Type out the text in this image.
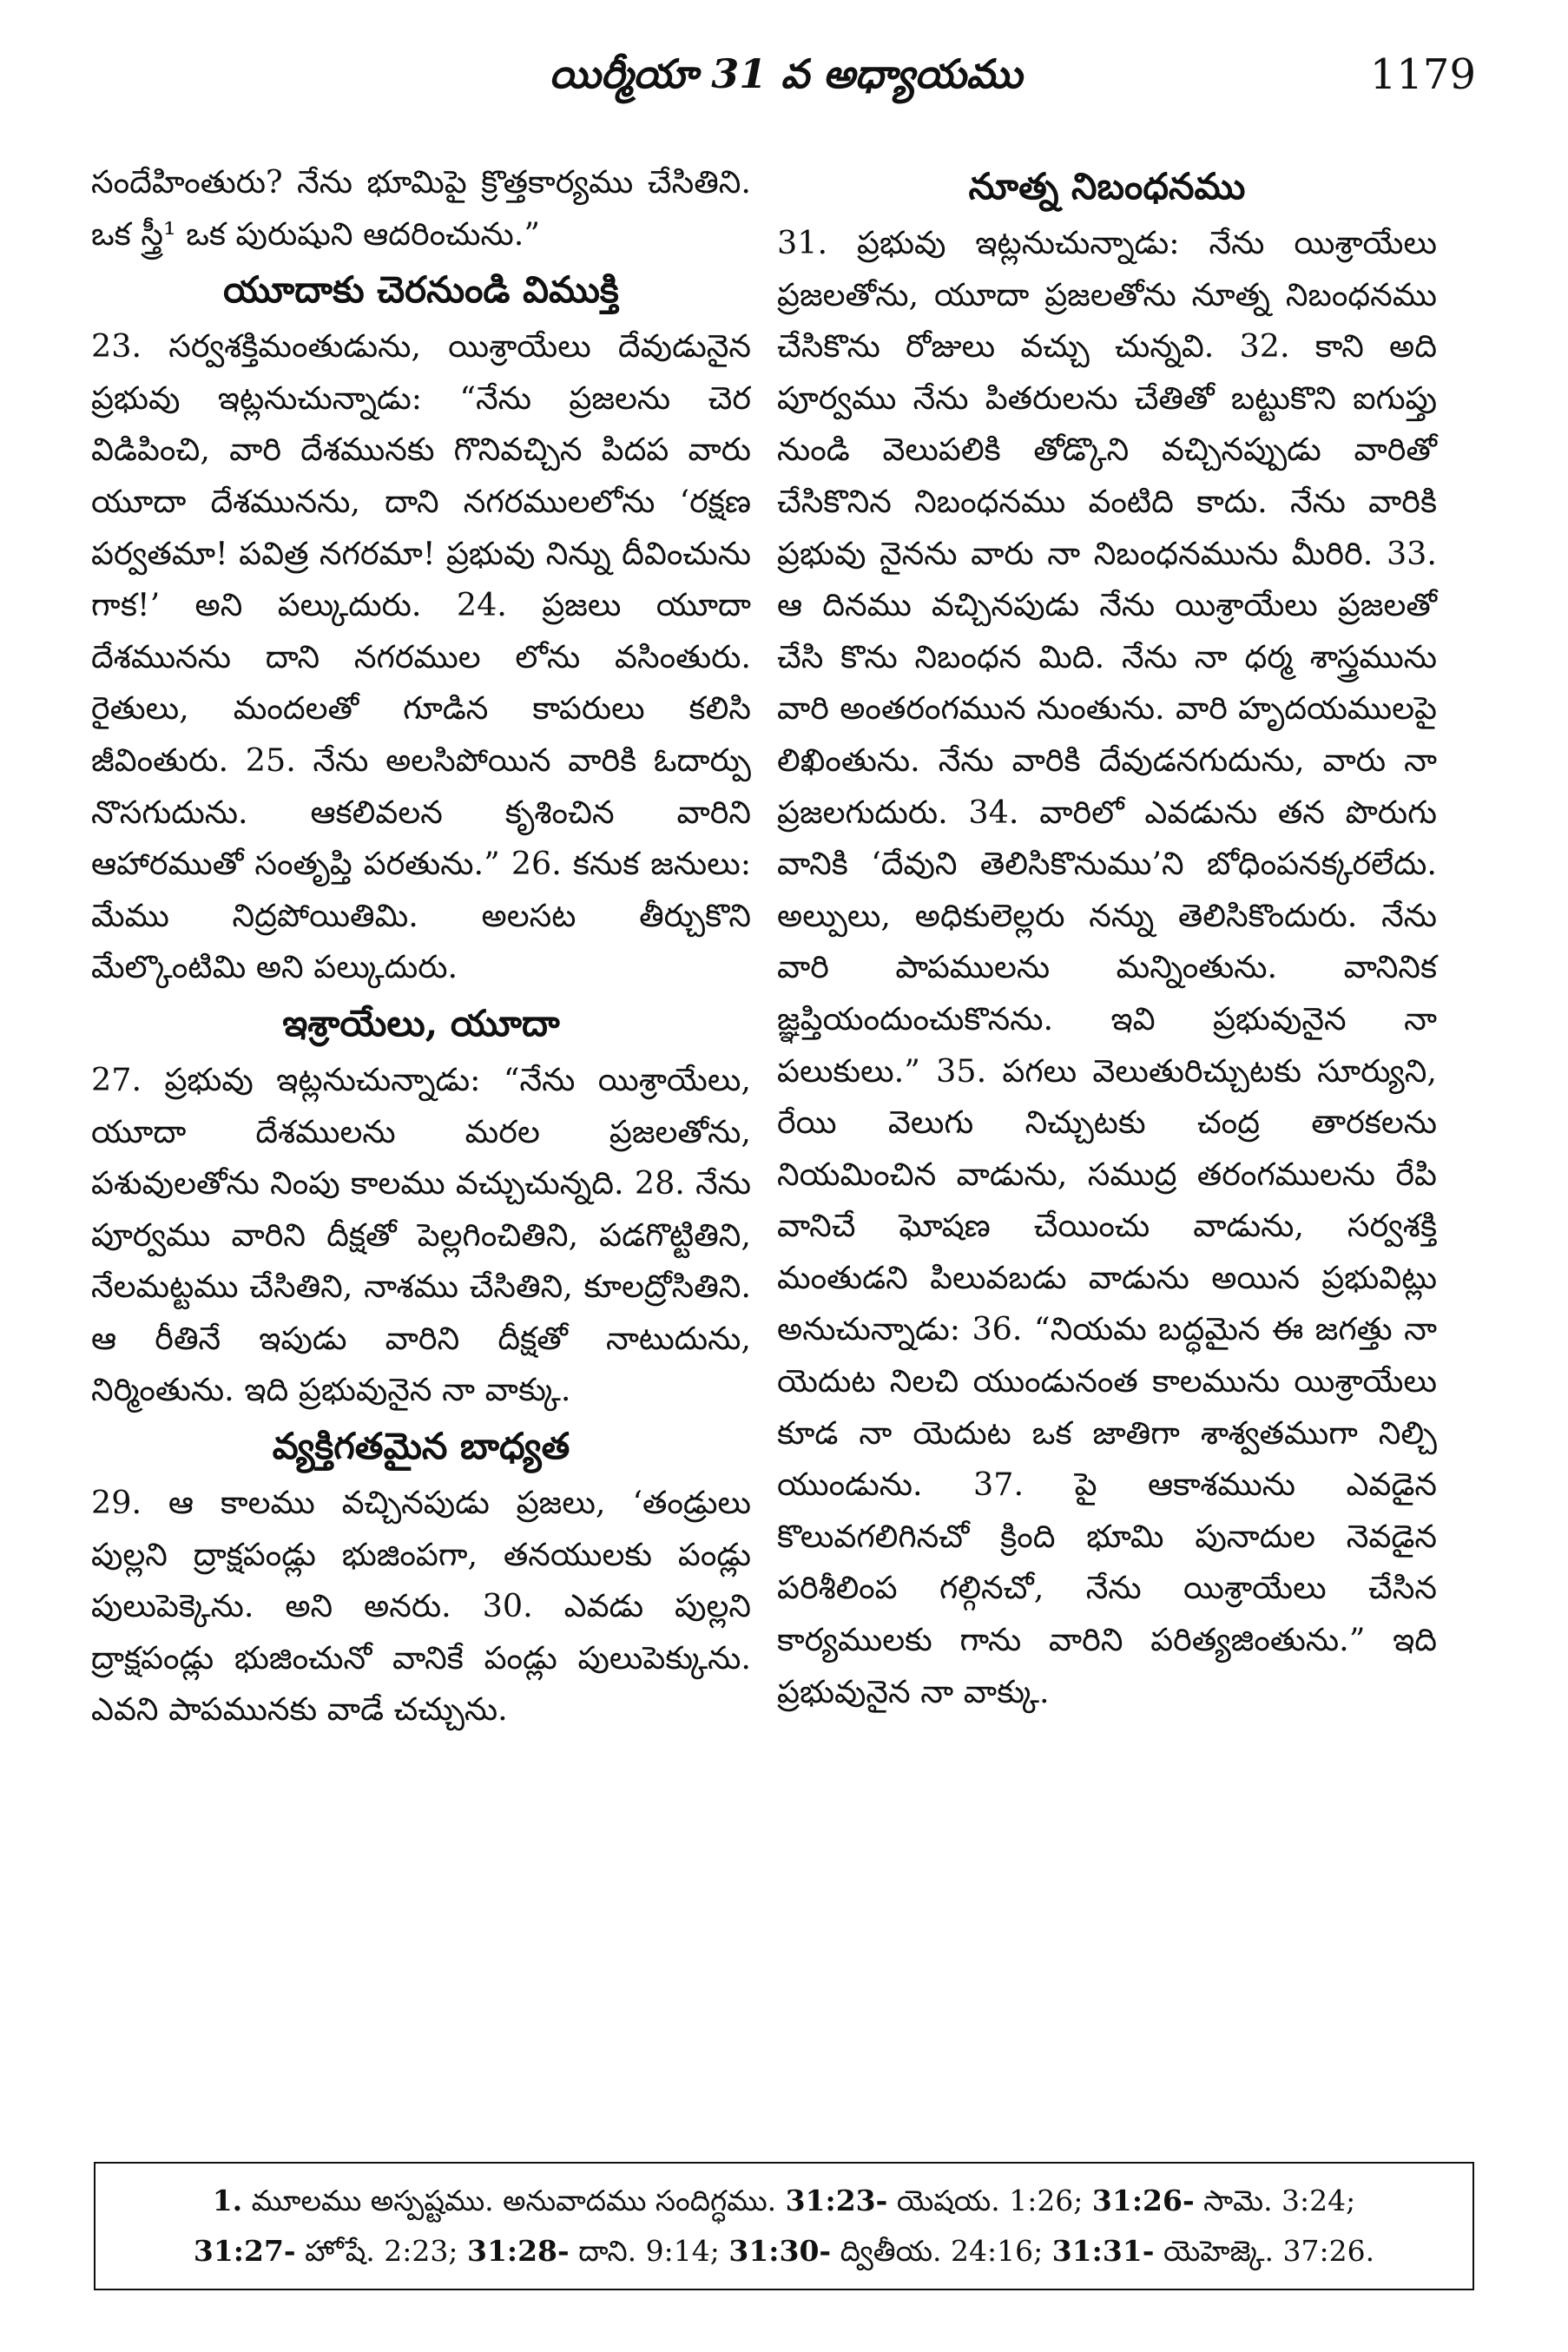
యిర్మీయా 31 వ అధ్యాయము	1179

సందేహింతురు? నేను భూమిపై క్రొత్తకార్యము చేసితిని. ఒక స్త్రీ¹ ఒక పురుషుని ఆదరించును.”

యూదాకు చెరనుండి విముక్తి

23. సర్వశక్తిమంతుడును, యిశ్రాయేలు దేవుడునైన ప్రభువు ఇట్లనుచున్నాడు: “నేను ప్రజలను చెర విడిపించి, వారి దేశమునకు గొనివచ్చిన పిదప వారు యూదా దేశమునను, దాని నగరములలోను ‘రక్షణ పర్వతమా! పవిత్ర నగరమా! ప్రభువు నిన్ను దీవించును గాక!’ అని పల్కుదురు. 24. ప్రజలు యూదా దేశమునను దాని నగరముల లోను వసింతురు. రైతులు, మందలతో గూడిన కాపరులు కలిసి జీవింతురు. 25. నేను అలసిపోయిన వారికి ఓదార్పు నొసగుదును. ఆకలివలన కృశించిన వారిని ఆహారముతో సంతృప్తి పరతును.” 26. కనుక జనులు: మేము నిద్రపోయితిమి. అలసట తీర్చుకొని మేల్కొంటిమి అని పల్కుదురు.

ఇశ్రాయేలు, యూదా

27. ప్రభువు ఇట్లనుచున్నాడు: “నేను యిశ్రాయేలు, యూదా దేశములను మరల ప్రజలతోను, పశువులతోను నింపు కాలము వచ్చుచున్నది. 28. నేను పూర్వము వారిని దీక్షతో పెల్లగించితిని, పడగొట్టితిని, నేలమట్టము చేసితిని, నాశము చేసితిని, కూలద్రోసితిని. ఆ రీతినే ఇపుడు వారిని దీక్షతో నాటుదును, నిర్మింతును. ఇది ప్రభువునైన నా వాక్కు.

వ్యక్తిగతమైన బాధ్యత

29. ఆ కాలము వచ్చినపుడు ప్రజలు, ‘తండ్రులు పుల్లని ద్రాక్షపండ్లు భుజింపగా, తనయులకు పండ్లు పులుపెక్కెను. అని అనరు. 30. ఎవడు పుల్లని ద్రాక్షపండ్లు భుజించునో వానికే పండ్లు పులుపెక్కును. ఎవని పాపమునకు వాడే చచ్చును.

నూత్న నిబంధనము

31. ప్రభువు ఇట్లనుచున్నాడు: నేను యిశ్రాయేలు ప్రజలతోను, యూదా ప్రజలతోను నూత్న నిబంధనము చేసికొను రోజులు వచ్చు చున్నవి. 32. కాని అది పూర్వము నేను పితరులను చేతితో బట్టుకొని ఐగుప్తు నుండి వెలుపలికి తోడ్కొని వచ్చినప్పుడు వారితో చేసికొనిన నిబంధనము వంటిది కాదు. నేను వారికి ప్రభువు నైనను వారు నా నిబంధనమును మీరిరి. 33. ఆ దినము వచ్చినపుడు నేను యిశ్రాయేలు ప్రజలతో చేసి కొను నిబంధన మిది. నేను నా ధర్మ శాస్త్రమును వారి అంతరంగమున నుంతును. వారి హృదయములపై లిఖింతును. నేను వారికి దేవుడనగుదును, వారు నా ప్రజలగుదురు. 34. వారిలో ఎవడును తన పొరుగు వానికి ‘దేవుని తెలిసికొనుము’ని బోధింపనక్కరలేదు. అల్పులు, అధికులెల్లరు నన్ను తెలిసికొందురు. నేను వారి పాపములను మన్నింతును. వానినిక జ్ఞప్తియందుంచుకొనను. ఇవి ప్రభువునైన నా పలుకులు.” 35. పగలు వెలుతురిచ్చుటకు సూర్యుని, రేయి వెలుగు నిచ్చుటకు చంద్ర తారకలను నియమించిన వాడును, సముద్ర తరంగములను రేపి వానిచే ఘోషణ చేయించు వాడును, సర్వశక్తి మంతుడని పిలువబడు వాడును అయిన ప్రభువిట్లు అనుచున్నాడు: 36. “నియమ బద్ధమైన ఈ జగత్తు నా యెదుట నిలచి యుండునంత కాలమును యిశ్రాయేలు కూడ నా యెదుట ఒక జాతిగా శాశ్వతముగా నిల్చి యుండును. 37. పై ఆకాశమును ఎవడైన కొలువగలిగినచో క్రింది భూమి పునాదుల నెవడైన పరిశీలింప గల్గినచో, నేను యిశ్రాయేలు చేసిన కార్యములకు గాను వారిని పరిత్యజింతును.” ఇది ప్రభువునైన నా వాక్కు.

1. మూలము అస్పష్టము. అనువాదము సందిగ్ధము. 31:23- యెషయ. 1:26; 31:26- సామె. 3:24;
31:27- హోషే. 2:23; 31:28- దాని. 9:14; 31:30- ద్వితీయ. 24:16; 31:31- యెహెజ్కె. 37:26.
